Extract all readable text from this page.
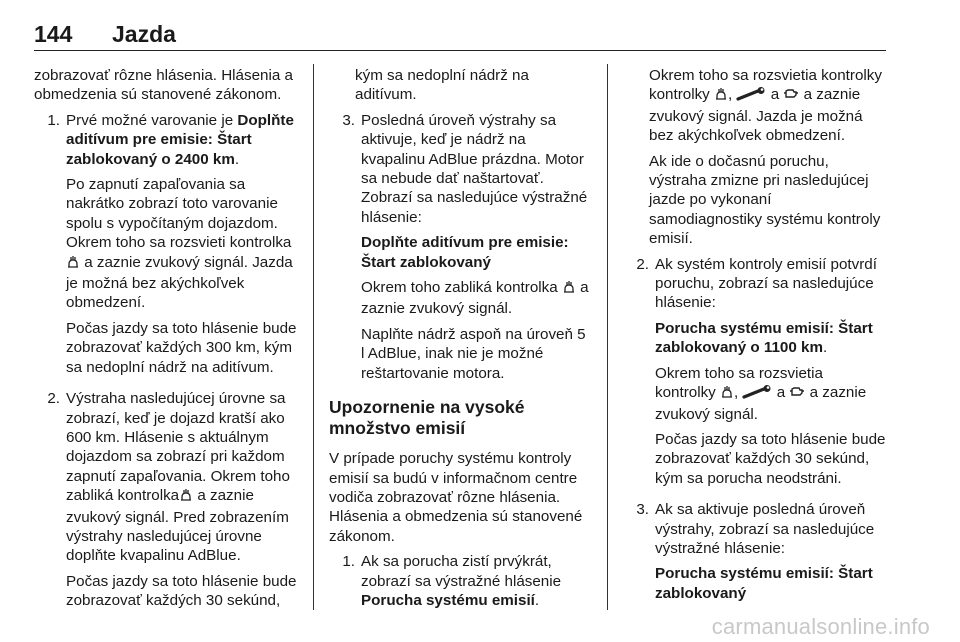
144	Jazda

zobrazovať rôzne hlásenia. Hlásenia a obmedzenia sú stanovené zákonom.

1. Prvé možné varovanie je Doplňte aditívum pre emisie: Štart zablokovaný o 2400 km.

Po zapnutí zapaľovania sa nakrátko zobrazí toto varovanie spolu s vypočítaným dojazdom. Okrem toho sa rozsvieti kontrolka
a zaznie zvukový signál. Jazda je možná bez akýchkoľvek obmedzení.

Počas jazdy sa toto hlásenie bude zobrazovať každých 300 km, kým sa nedoplní nádrž na aditívum.

2. Výstraha nasledujúcej úrovne sa zobrazí, keď je dojazd kratší ako 600 km. Hlásenie s aktuálnym dojazdom sa zobrazí pri každom zapnutí zapaľovania. Okrem toho zabliká kontrolka a zaznie zvukový signál. Pred zobrazením výstrahy nasledujúcej úrovne doplňte kvapalinu AdBlue.

Počas jazdy sa toto hlásenie bude zobrazovať každých 30 sekúnd,

kým sa nedoplní nádrž na aditívum.

3. Posledná úroveň výstrahy sa aktivuje, keď je nádrž na kvapalinu AdBlue prázdna. Motor sa nebude dať naštartovať. Zobrazí sa nasledujúce výstražné hlásenie:

Doplňte aditívum pre emisie: Štart zablokovaný

Okrem toho zabliká kontrolka  a zaznie zvukový signál.

Naplňte nádrž aspoň na úroveň 5 l AdBlue, inak nie je možné reštartovanie motora.

Upozornenie na vysoké množstvo emisií

V prípade poruchy systému kontroly emisií sa budú v informačnom centre vodiča zobrazovať rôzne hlásenia. Hlásenia a obmedzenia sú stanovené zákonom.

1. Ak sa porucha zistí prvýkrát, zobrazí sa výstražné hlásenie Porucha systému emisií.

Okrem toho sa rozsvietia kontrolky
kontrolky ,  a  a zaznie zvukový signál. Jazda je možná bez akýchkoľvek obmedzení.

Ak ide o dočasnú poruchu, výstraha zmizne pri nasledujúcej jazde po vykonaní samodiagnostiky systému kontroly emisií.

2. Ak systém kontroly emisií potvrdí poruchu, zobrazí sa nasledujúce hlásenie:

Porucha systému emisií: Štart zablokovaný o 1100 km.

Okrem toho sa rozsvietia kontrolky ,  a  a zaznie zvukový signál.

Počas jazdy sa toto hlásenie bude zobrazovať každých 30 sekúnd, kým sa porucha neodstráni.

3. Ak sa aktivuje posledná úroveň výstrahy, zobrazí sa nasledujúce výstražné hlásenie:

Porucha systému emisií: Štart zablokovaný

carmanualsonline.info
